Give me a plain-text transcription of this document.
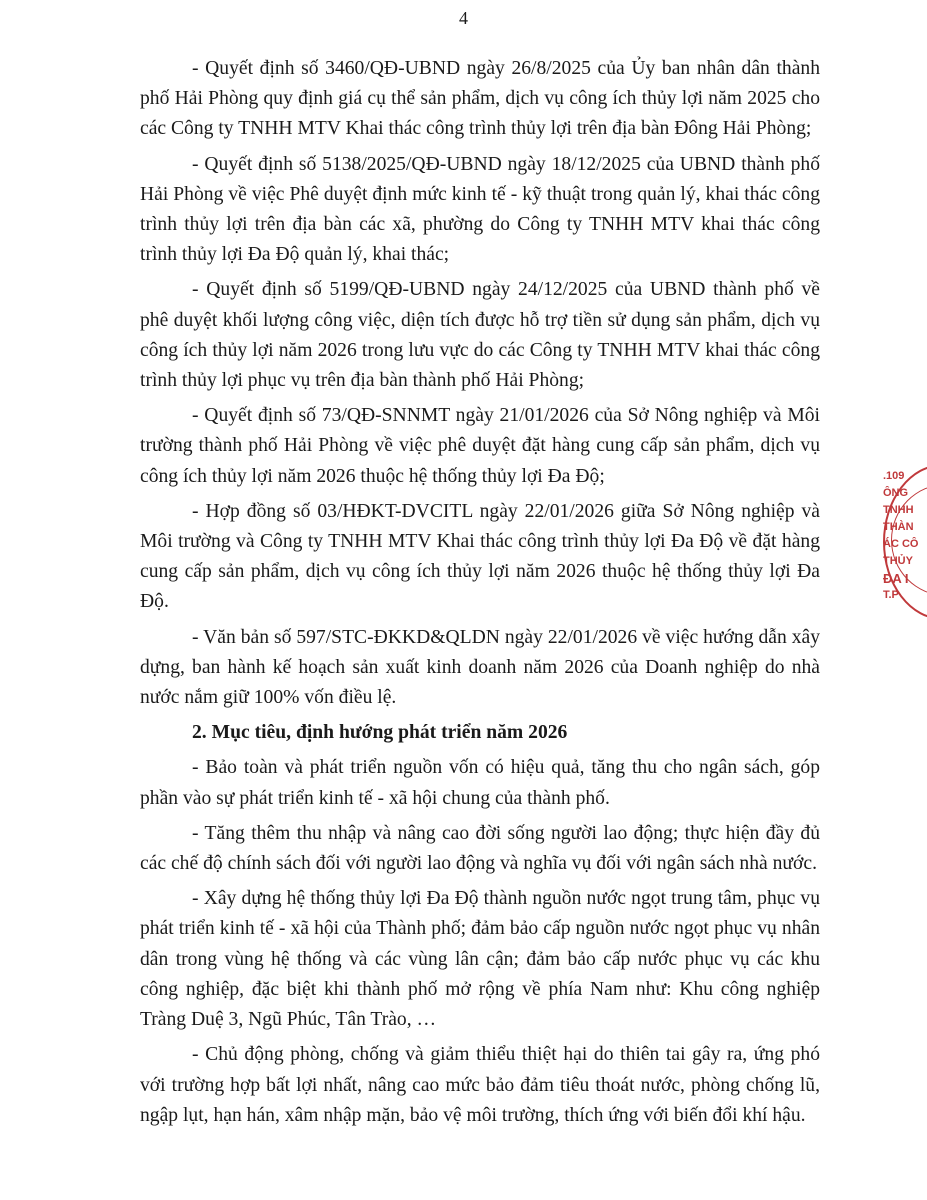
4

- Quyết định số 3460/QĐ-UBND ngày 26/8/2025 của Ủy ban nhân dân thành phố Hải Phòng quy định giá cụ thể sản phẩm, dịch vụ công ích thủy lợi năm 2025 cho các Công ty TNHH MTV Khai thác công trình thủy lợi trên địa bàn Đông Hải Phòng;

- Quyết định số 5138/2025/QĐ-UBND ngày 18/12/2025 của UBND thành phố Hải Phòng về việc Phê duyệt định mức kinh tế - kỹ thuật trong quản lý, khai thác công trình thủy lợi trên địa bàn các xã, phường do Công ty TNHH MTV khai thác công trình thủy lợi Đa Độ quản lý, khai thác;

- Quyết định số 5199/QĐ-UBND ngày 24/12/2025 của UBND thành phố về phê duyệt khối lượng công việc, diện tích được hỗ trợ tiền sử dụng sản phẩm, dịch vụ công ích thủy lợi năm 2026 trong lưu vực do các Công ty TNHH MTV khai thác công trình thủy lợi phục vụ trên địa bàn thành phố Hải Phòng;

- Quyết định số 73/QĐ-SNNMT ngày 21/01/2026 của Sở Nông nghiệp và Môi trường thành phố Hải Phòng về việc phê duyệt đặt hàng cung cấp sản phẩm, dịch vụ công ích thủy lợi năm 2026 thuộc hệ thống thủy lợi Đa Độ;

- Hợp đồng số 03/HĐKT-DVCITL ngày 22/01/2026 giữa Sở Nông nghiệp và Môi trường và Công ty TNHH MTV Khai thác công trình thủy lợi Đa Độ về đặt hàng cung cấp sản phẩm, dịch vụ công ích thủy lợi năm 2026 thuộc hệ thống thủy lợi Đa Độ.

- Văn bản số 597/STC-ĐKKD&QLDN ngày 22/01/2026 về việc hướng dẫn xây dựng, ban hành kế hoạch sản xuất kinh doanh năm 2026 của Doanh nghiệp do nhà nước nắm giữ 100% vốn điều lệ.

2. Mục tiêu, định hướng phát triển năm 2026

- Bảo toàn và phát triển nguồn vốn có hiệu quả, tăng thu cho ngân sách, góp phần vào sự phát triển kinh tế - xã hội chung của thành phố.

- Tăng thêm thu nhập và nâng cao đời sống người lao động; thực hiện đầy đủ các chế độ chính sách đối với người lao động và nghĩa vụ đối với ngân sách nhà nước.

- Xây dựng hệ thống thủy lợi Đa Độ thành nguồn nước ngọt trung tâm, phục vụ phát triển kinh tế - xã hội của Thành phố; đảm bảo cấp nguồn nước ngọt phục vụ nhân dân trong vùng hệ thống và các vùng lân cận; đảm bảo cấp nước phục vụ các khu công nghiệp, đặc biệt khi thành phố mở rộng về phía Nam như: Khu công nghiệp Tràng Duệ 3, Ngũ Phúc, Tân Trào, …

- Chủ động phòng, chống và giảm thiểu thiệt hại do thiên tai gây ra, ứng phó với trường hợp bất lợi nhất, nâng cao mức bảo đảm tiêu thoát nước, phòng chống lũ, ngập lụt, hạn hán, xâm nhập mặn, bảo vệ môi trường, thích ứng với biến đổi khí hậu.

.109
ÔNG
TNHH
THÀN
ÁC CÔ
THỦY
ĐA I
T.P
